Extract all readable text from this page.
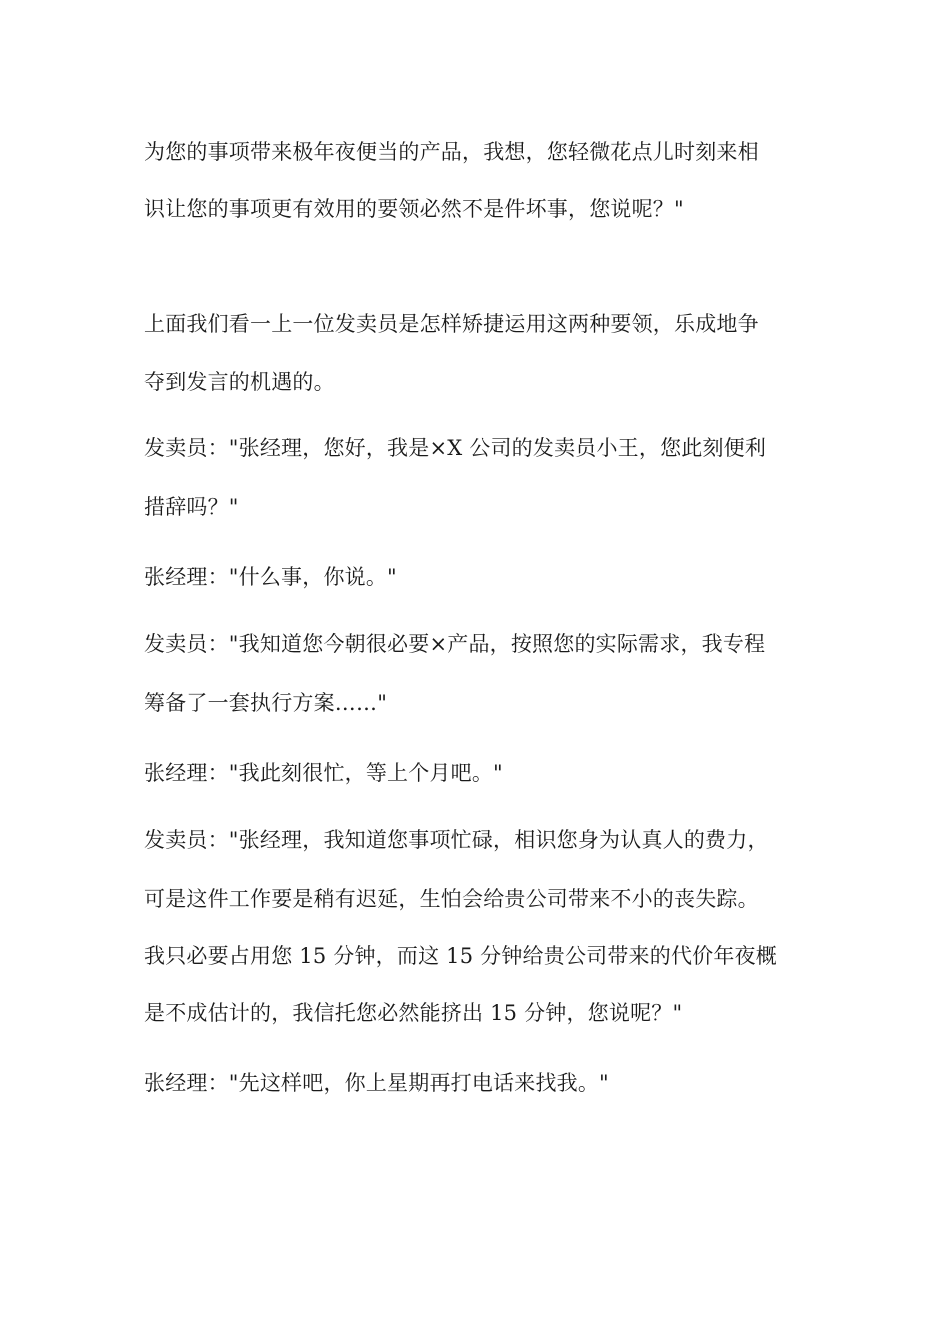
为您的事项带来极年夜便当的产品，我想，您轻微花点儿时刻来相

识让您的事项更有效用的要领必然不是件坏事，您说呢？"

上面我们看一上一位发卖员是怎样矫捷运用这两种要领，乐成地争

夺到发言的机遇的。

发卖员："张经理，您好，我是×X 公司的发卖员小王，您此刻便利

措辞吗？"

张经理："什么事，你说。"

发卖员："我知道您今朝很必要×产品，按照您的实际需求，我专程

筹备了一套执行方案……"

张经理："我此刻很忙，等上个月吧。"

发卖员："张经理，我知道您事项忙碌，相识您身为认真人的费力，

可是这件工作要是稍有迟延，生怕会给贵公司带来不小的丧失踪。

我只必要占用您 15 分钟，而这 15 分钟给贵公司带来的代价年夜概

是不成估计的，我信托您必然能挤出 15 分钟，您说呢？"

张经理："先这样吧，你上星期再打电话来找我。"
